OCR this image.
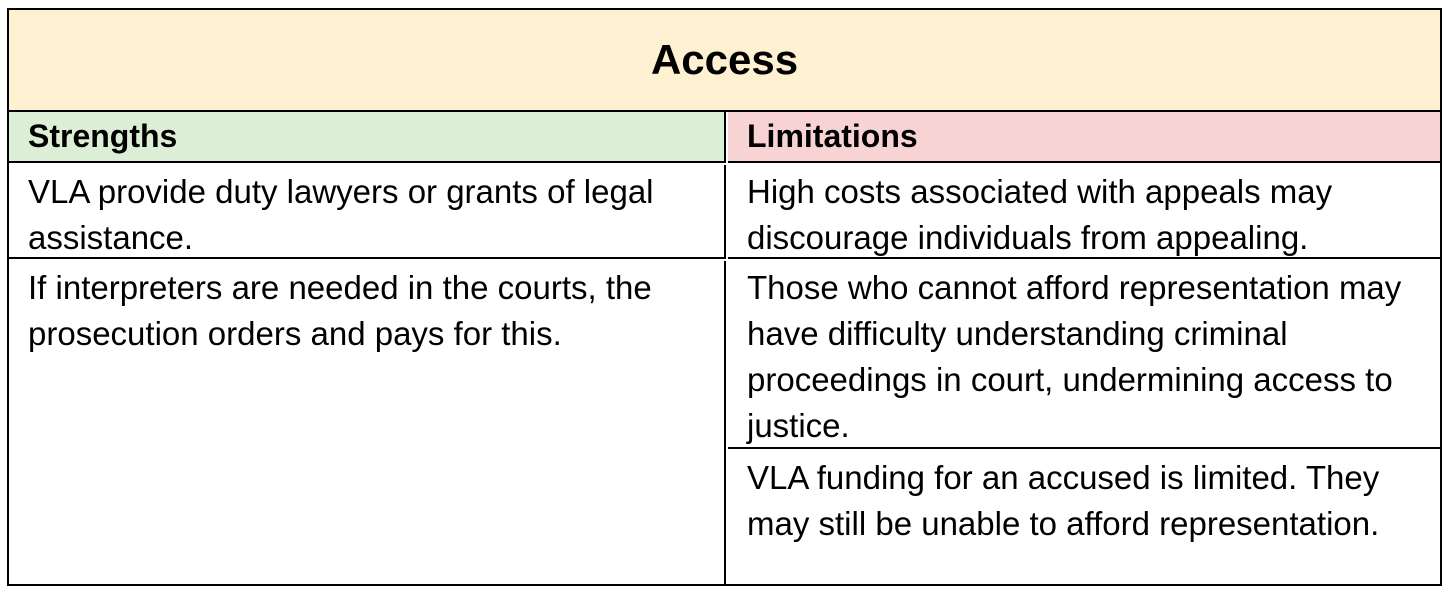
Access
Strengths	Limitations
VLA provide duty lawyers or grants of legal assistance.
High costs associated with appeals may discourage individuals from appealing.
If interpreters are needed in the courts, the prosecution orders and pays for this.
Those who cannot afford representation may have difficulty understanding criminal proceedings in court, undermining access to justice.
VLA funding for an accused is limited. They may still be unable to afford representation.
